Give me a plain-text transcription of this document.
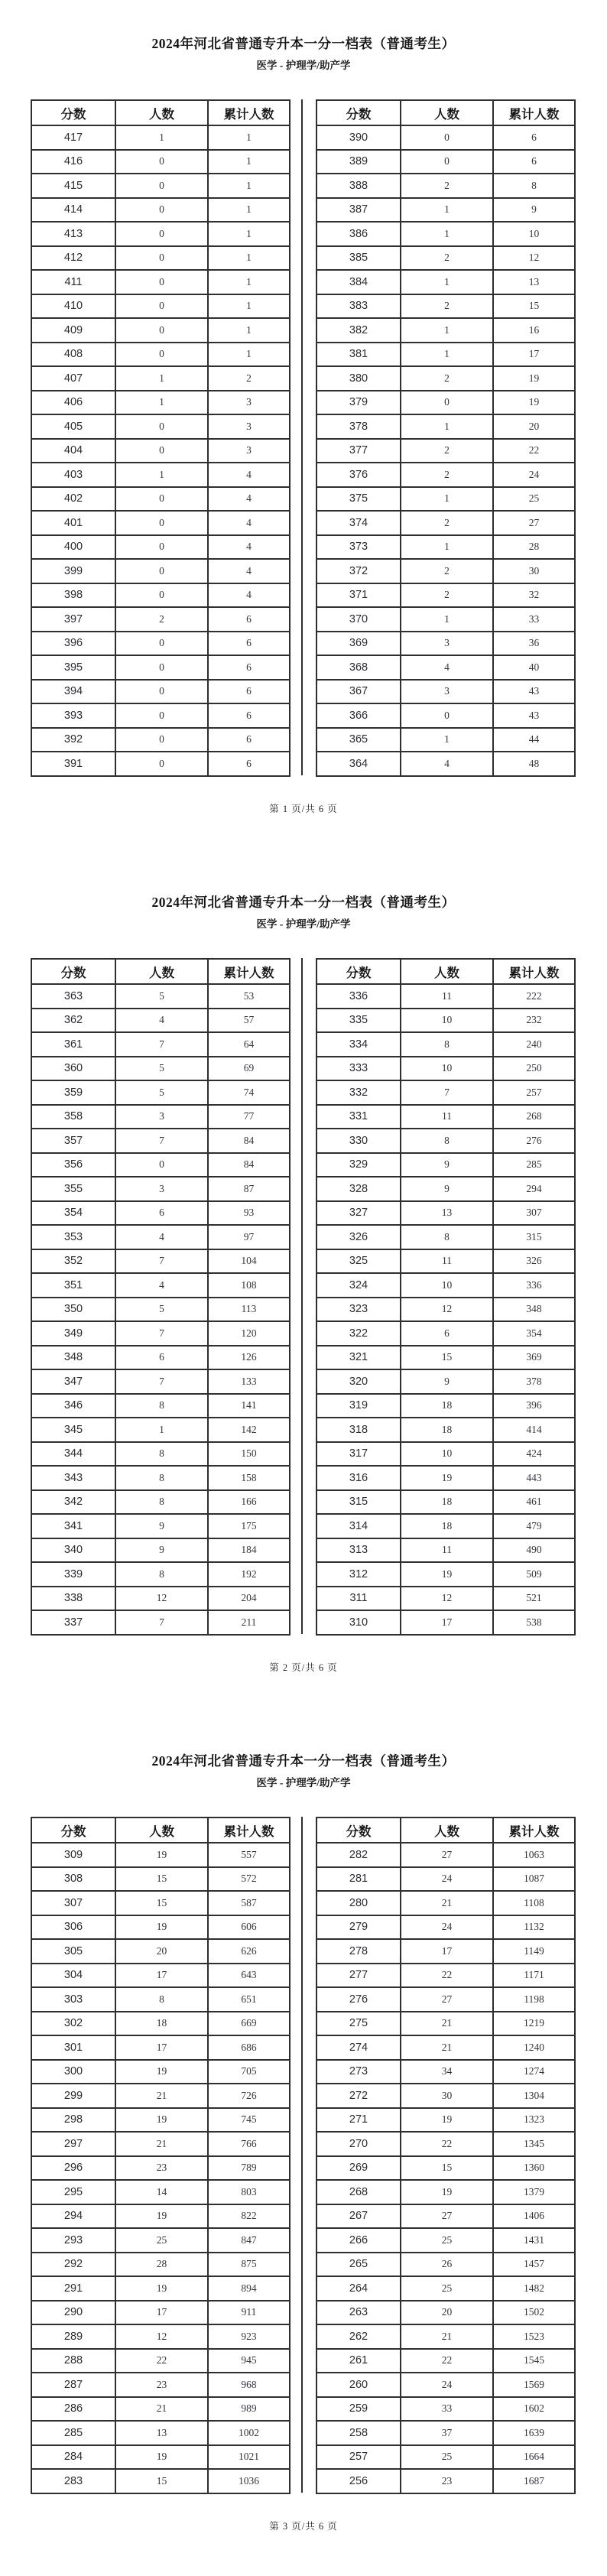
2024年河北省普通专升本一分一档表（普通考生）
医学 - 护理学/助产学
分数	人数	累计人数
417	1	1
416	0	1
415	0	1
414	0	1
413	0	1
412	0	1
411	0	1
410	0	1
409	0	1
408	0	1
407	1	2
406	1	3
405	0	3
404	0	3
403	1	4
402	0	4
401	0	4
400	0	4
399	0	4
398	0	4
397	2	6
396	0	6
395	0	6
394	0	6
393	0	6
392	0	6
391	0	6
分数	人数	累计人数
390	0	6
389	0	6
388	2	8
387	1	9
386	1	10
385	2	12
384	1	13
383	2	15
382	1	16
381	1	17
380	2	19
379	0	19
378	1	20
377	2	22
376	2	24
375	1	25
374	2	27
373	1	28
372	2	30
371	2	32
370	1	33
369	3	36
368	4	40
367	3	43
366	0	43
365	1	44
364	4	48
第 1 页/共 6 页
2024年河北省普通专升本一分一档表（普通考生）
医学 - 护理学/助产学
分数	人数	累计人数
363	5	53
362	4	57
361	7	64
360	5	69
359	5	74
358	3	77
357	7	84
356	0	84
355	3	87
354	6	93
353	4	97
352	7	104
351	4	108
350	5	113
349	7	120
348	6	126
347	7	133
346	8	141
345	1	142
344	8	150
343	8	158
342	8	166
341	9	175
340	9	184
339	8	192
338	12	204
337	7	211
分数	人数	累计人数
336	11	222
335	10	232
334	8	240
333	10	250
332	7	257
331	11	268
330	8	276
329	9	285
328	9	294
327	13	307
326	8	315
325	11	326
324	10	336
323	12	348
322	6	354
321	15	369
320	9	378
319	18	396
318	18	414
317	10	424
316	19	443
315	18	461
314	18	479
313	11	490
312	19	509
311	12	521
310	17	538
第 2 页/共 6 页
2024年河北省普通专升本一分一档表（普通考生）
医学 - 护理学/助产学
分数	人数	累计人数
309	19	557
308	15	572
307	15	587
306	19	606
305	20	626
304	17	643
303	8	651
302	18	669
301	17	686
300	19	705
299	21	726
298	19	745
297	21	766
296	23	789
295	14	803
294	19	822
293	25	847
292	28	875
291	19	894
290	17	911
289	12	923
288	22	945
287	23	968
286	21	989
285	13	1002
284	19	1021
283	15	1036
分数	人数	累计人数
282	27	1063
281	24	1087
280	21	1108
279	24	1132
278	17	1149
277	22	1171
276	27	1198
275	21	1219
274	21	1240
273	34	1274
272	30	1304
271	19	1323
270	22	1345
269	15	1360
268	19	1379
267	27	1406
266	25	1431
265	26	1457
264	25	1482
263	20	1502
262	21	1523
261	22	1545
260	24	1569
259	33	1602
258	37	1639
257	25	1664
256	23	1687
第 3 页/共 6 页
